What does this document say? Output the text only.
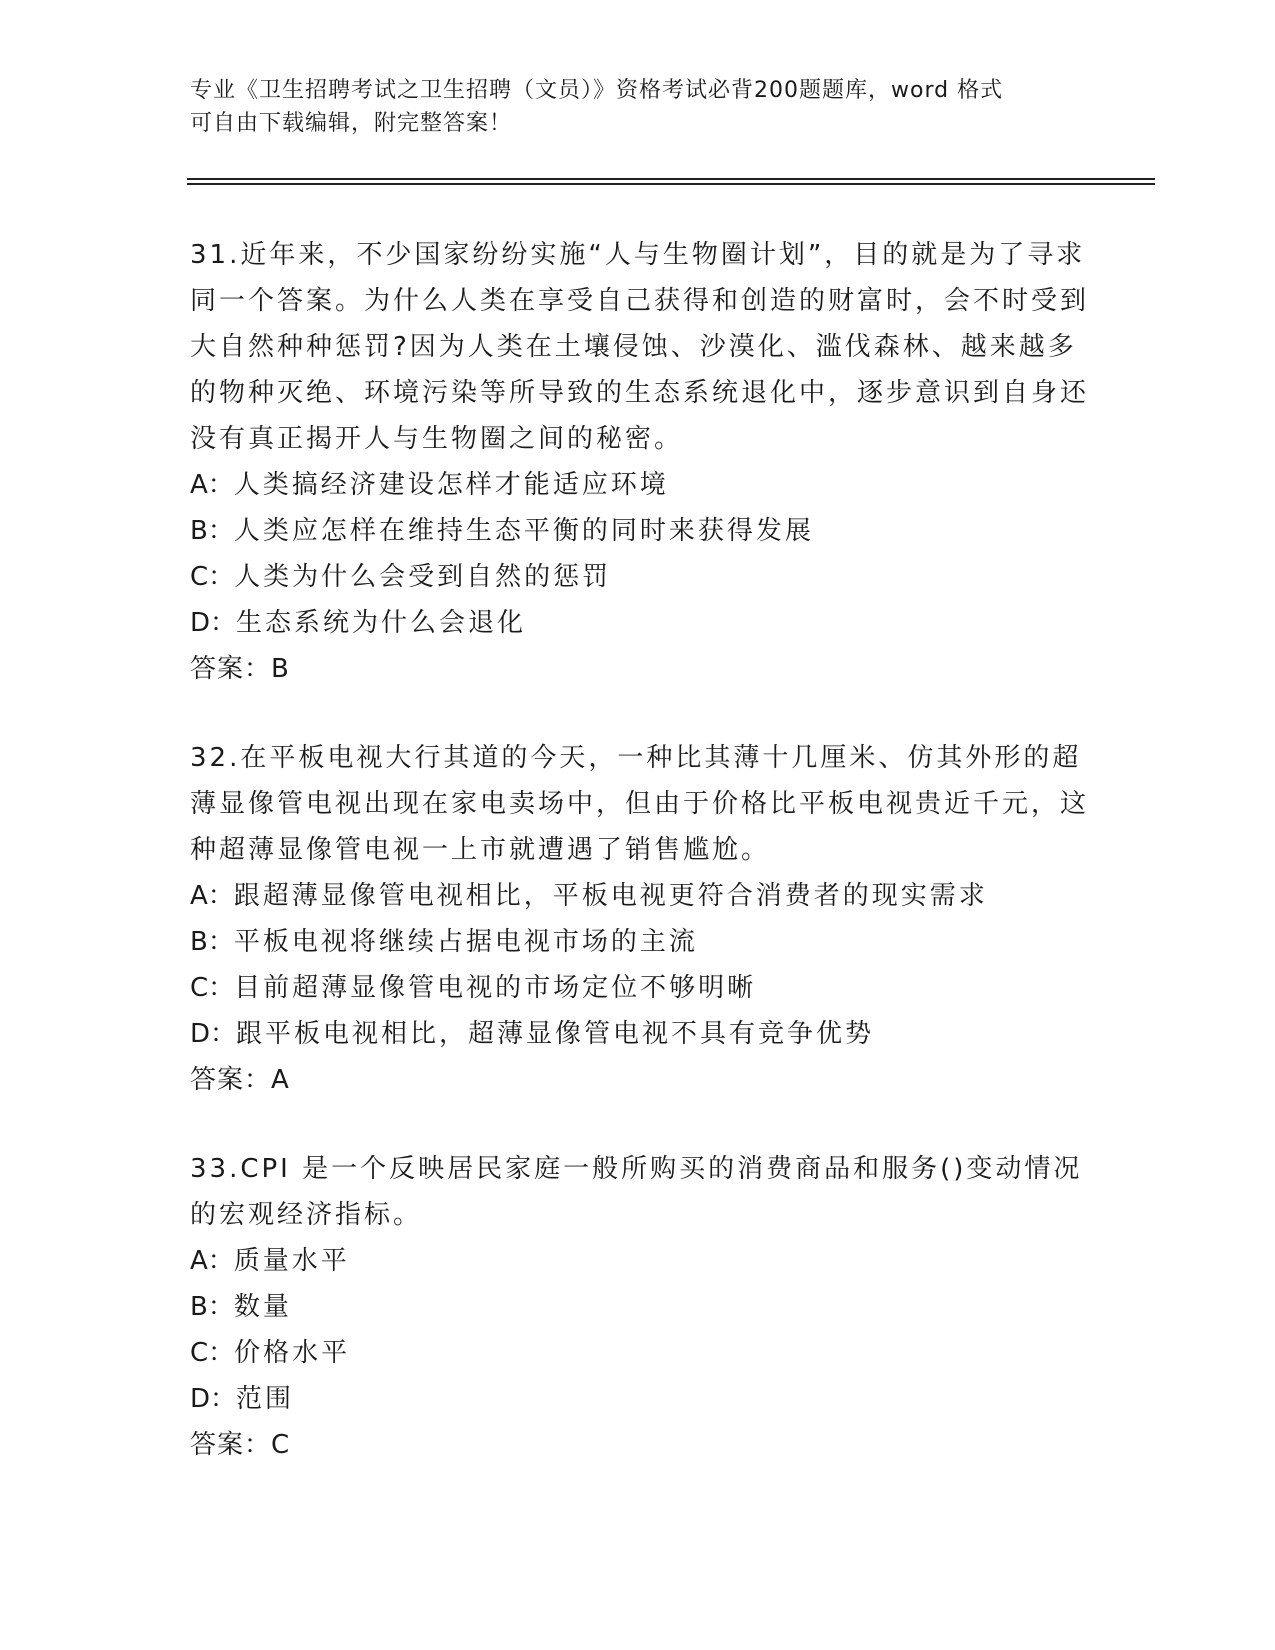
专业《卫生招聘考试之卫生招聘（文员）》资格考试必背200题题库，word 格式
可自由下载编辑，附完整答案！

31.近年来，不少国家纷纷实施“人与生物圈计划”，目的就是为了寻求同一个答案。为什么人类在享受自己获得和创造的财富时，会不时受到大自然种种惩罚?因为人类在土壤侵蚀、沙漠化、滥伐森林、越来越多的物种灭绝、环境污染等所导致的生态系统退化中，逐步意识到自身还没有真正揭开人与生物圈之间的秘密。

A：人类搞经济建设怎样才能适应环境
B：人类应怎样在维持生态平衡的同时来获得发展
C：人类为什么会受到自然的惩罚
D：生态系统为什么会退化

答案：B

32.在平板电视大行其道的今天，一种比其薄十几厘米、仿其外形的超薄显像管电视出现在家电卖场中，但由于价格比平板电视贵近千元，这种超薄显像管电视一上市就遭遇了销售尴尬。

A：跟超薄显像管电视相比，平板电视更符合消费者的现实需求
B：平板电视将继续占据电视市场的主流
C：目前超薄显像管电视的市场定位不够明晰
D：跟平板电视相比，超薄显像管电视不具有竞争优势

答案：A

33.CPI 是一个反映居民家庭一般所购买的消费商品和服务()变动情况的宏观经济指标。

A：质量水平
B：数量
C：价格水平
D：范围

答案：C
